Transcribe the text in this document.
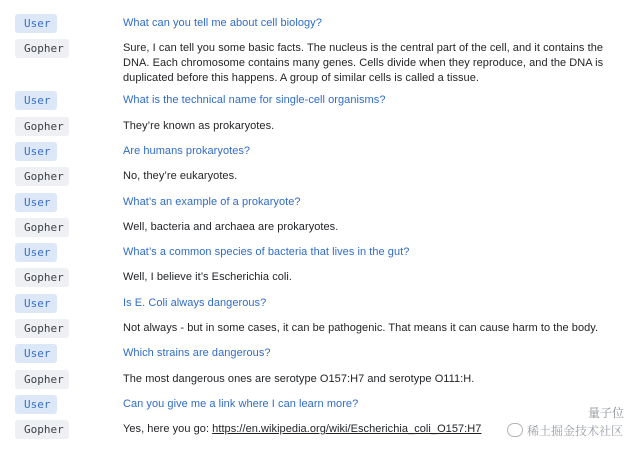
User	What can you tell me about cell biology?
Gopher	Sure, I can tell you some basic facts. The nucleus is the central part of the cell, and it contains the DNA. Each chromosome contains many genes. Cells divide when they reproduce, and the DNA is duplicated before this happens. A group of similar cells is called a tissue.
User	What is the technical name for single-cell organisms?
Gopher	They’re known as prokaryotes.
User	Are humans prokaryotes?
Gopher	No, they’re eukaryotes.
User	What’s an example of a prokaryote?
Gopher	Well, bacteria and archaea are prokaryotes.
User	What’s a common species of bacteria that lives in the gut?
Gopher	Well, I believe it’s Escherichia coli.
User	Is E. Coli always dangerous?
Gopher	Not always - but in some cases, it can be pathogenic. That means it can cause harm to the body.
User	Which strains are dangerous?
Gopher	The most dangerous ones are serotype O157:H7 and serotype O111:H.
User	Can you give me a link where I can learn more?
Gopher	Yes, here you go: https://en.wikipedia.org/wiki/Escherichia_coli_O157:H7
量子位
稀土掘金技术社区
